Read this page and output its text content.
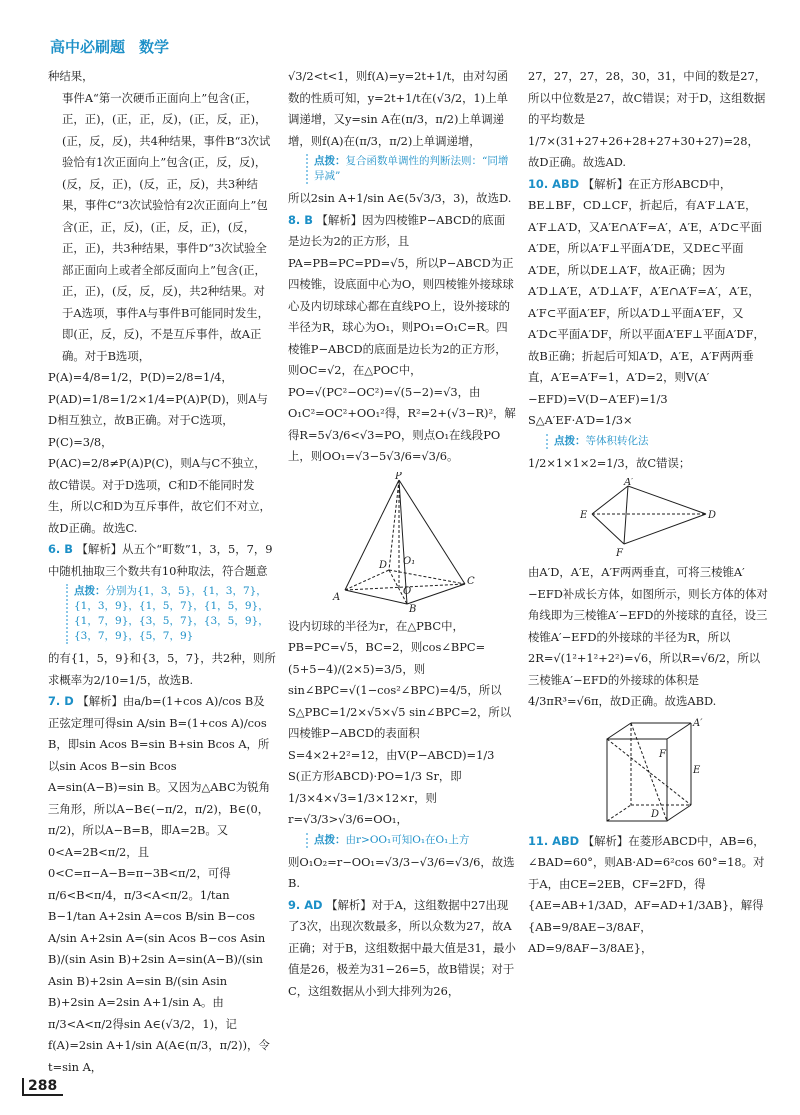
高中必刷题 数学

种结果，

事件A“第一次硬币正面向上”包含(正，正，正)，(正，正，反)，(正，反，正)，(正，反，反)，共4种结果，事件B“3次试验恰有1次正面向上”包含(正，反，反)，(反，反，正)，(反，正，反)，共3种结果，事件C“3次试验恰有2次正面向上”包含(正，正，反)，(正，反，正)，(反，正，正)，共3种结果，事件D“3次试验全部正面向上或者全部反面向上”包含(正，正，正)，(反，反，反)，共2种结果。对于A选项，事件A与事件B可能同时发生，即(正，反，反)，不是互斥事件，故A正确。对于B选项，

P(A)=4/8=1/2，P(D)=2/8=1/4，P(AD)=1/8=1/2×1/4=P(A)P(D)，则A与D相互独立，故B正确。对于C选项，P(C)=3/8，

P(AC)=2/8≠P(A)P(C)，则A与C不独立，故C错误。对于D选项，C和D不能同时发生，所以C和D为互斥事件，故它们不对立，故D正确。故选C.

6. B 【解析】从五个“町数”1，3，5，7，9中随机抽取三个数共有10种取法，符合题意

点拨：分别为{1，3，5}，{1，3，7}，{1，3，9}，{1，5，7}，{1，5，9}，{1，7，9}，{3，5，7}，{3，5，9}，{3，7，9}，{5，7，9}

的有{1，5，9}和{3，5，7}，共2种，则所求概率为2/10=1/5，故选B.

7. D 【解析】由a/b=(1+cos A)/cos B及正弦定理可得sin A/sin B=(1+cos A)/cos B，即sin Acos B=sin B+sin Bcos A，所以sin Acos B−sin Bcos A=sin(A−B)=sin B。又因为△ABC为锐角三角形，所以A−B∈(−π/2，π/2)，B∈(0，π/2)，所以A−B=B，即A=2B。又0<A=2B<π/2，且0<C=π−A−B=π−3B<π/2，可得π/6<B<π/4，π/3<A<π/2。1/tan B−1/tan A+2sin A=cos B/sin B−cos A/sin A+2sin A=(sin Acos B−cos Asin B)/(sin Asin B)+2sin A=sin(A−B)/(sin Asin B)+2sin A=sin B/(sin Asin B)+2sin A=2sin A+1/sin A。由π/3<A<π/2得sin A∈(√3/2，1)，记f(A)=2sin A+1/sin A(A∈(π/3，π/2))，令t=sin A，

√3/2<t<1，则f(A)=y=2t+1/t，由对勾函数的性质可知，y=2t+1/t在(√3/2，1)上单调递增，又y=sin A在(π/3，π/2)上单调递增，则f(A)在(π/3，π/2)上单调递增，

点拨：复合函数单调性的判断法则：“同增异减”

所以2sin A+1/sin A∈(5√3/3，3)，故选D.

8. B 【解析】因为四棱锥P−ABCD的底面是边长为2的正方形，且PA=PB=PC=PD=√5，所以P−ABCD为正四棱锥，设底面中心为O，则四棱锥外接球球心及内切球球心都在直线PO上，设外接球的半径为R，球心为O₁，则PO₁=O₁C=R。四棱锥P−ABCD的底面是边长为2的正方形，则OC=√2，在△POC中，PO=√(PC²−OC²)=√(5−2)=√3，由O₁C²=OC²+OO₁²得，R²=2+(√3−R)²，解得R=5√3/6<√3=PO，则点O₁在线段PO上，则OO₁=√3−5√3/6=√3/6。

P
D
C
O₁
O
A
B

设内切球的半径为r，在△PBC中，PB=PC=√5，BC=2，则cos∠BPC=(5+5−4)/(2×5)=3/5，则sin∠BPC=√(1−cos²∠BPC)=4/5，所以S△PBC=1/2×√5×√5 sin∠BPC=2，所以四棱锥P−ABCD的表面积S=4×2+2²=12，由V(P−ABCD)=1/3 S(正方形ABCD)·PO=1/3 Sr，即1/3×4×√3=1/3×12×r，则r=√3/3>√3/6=OO₁，

点拨：由r>OO₁可知O₁在O₁上方

则O₁O₂=r−OO₁=√3/3−√3/6=√3/6，故选B.

9. AD 【解析】对于A，这组数据中27出现了3次，出现次数最多，所以众数为27，故A正确；对于B，这组数据中最大值是31，最小值是26，极差为31−26=5，故B错误；对于C，这组数据从小到大排列为26，

27，27，27，28，30，31，中间的数是27，所以中位数是27，故C错误；对于D，这组数据的平均数是1/7×(31+27+26+28+27+30+27)=28，故D正确。故选AD.

10. ABD 【解析】在正方形ABCD中，BE⊥BF，CD⊥CF，折起后，有A′F⊥A′E，A′F⊥A′D，又A′E∩A′F=A′，A′E，A′D⊂平面A′DE，所以A′F⊥平面A′DE，又DE⊂平面A′DE，所以DE⊥A′F，故A正确；因为A′D⊥A′E，A′D⊥A′F，A′E∩A′F=A′，A′E，A′F⊂平面A′EF，所以A′D⊥平面A′EF，又A′D⊂平面A′DF，所以平面A′EF⊥平面A′DF，故B正确；折起后可知A′D，A′E，A′F两两垂直，A′E=A′F=1，A′D=2，则V(A′−EFD)=V(D−A′EF)=1/3 S△A′EF·A′D=1/3×

点拨：等体积转化法

1/2×1×1×2=1/3，故C错误；

A′
E
F
D

由A′D，A′E，A′F两两垂直，可将三棱锥A′−EFD补成长方体，如图所示，则长方体的体对角线即为三棱锥A′−EFD的外接球的直径，设三棱锥A′−EFD的外接球的半径为R，所以2R=√(1²+1²+2²)=√6，所以R=√6/2，所以三棱锥A′−EFD的外接球的体积是4/3πR³=√6π，故D正确。故选ABD.

A′
F
E
D

11. ABD 【解析】在菱形ABCD中，AB=6，∠BAD=60°，则AB·AD=6²cos 60°=18。对于A，由CE=2EB，CF=2FD，得{AE=AB+1/3AD，AF=AD+1/3AB}，解得{AB=9/8AE−3/8AF，AD=9/8AF−3/8AE}，

288
